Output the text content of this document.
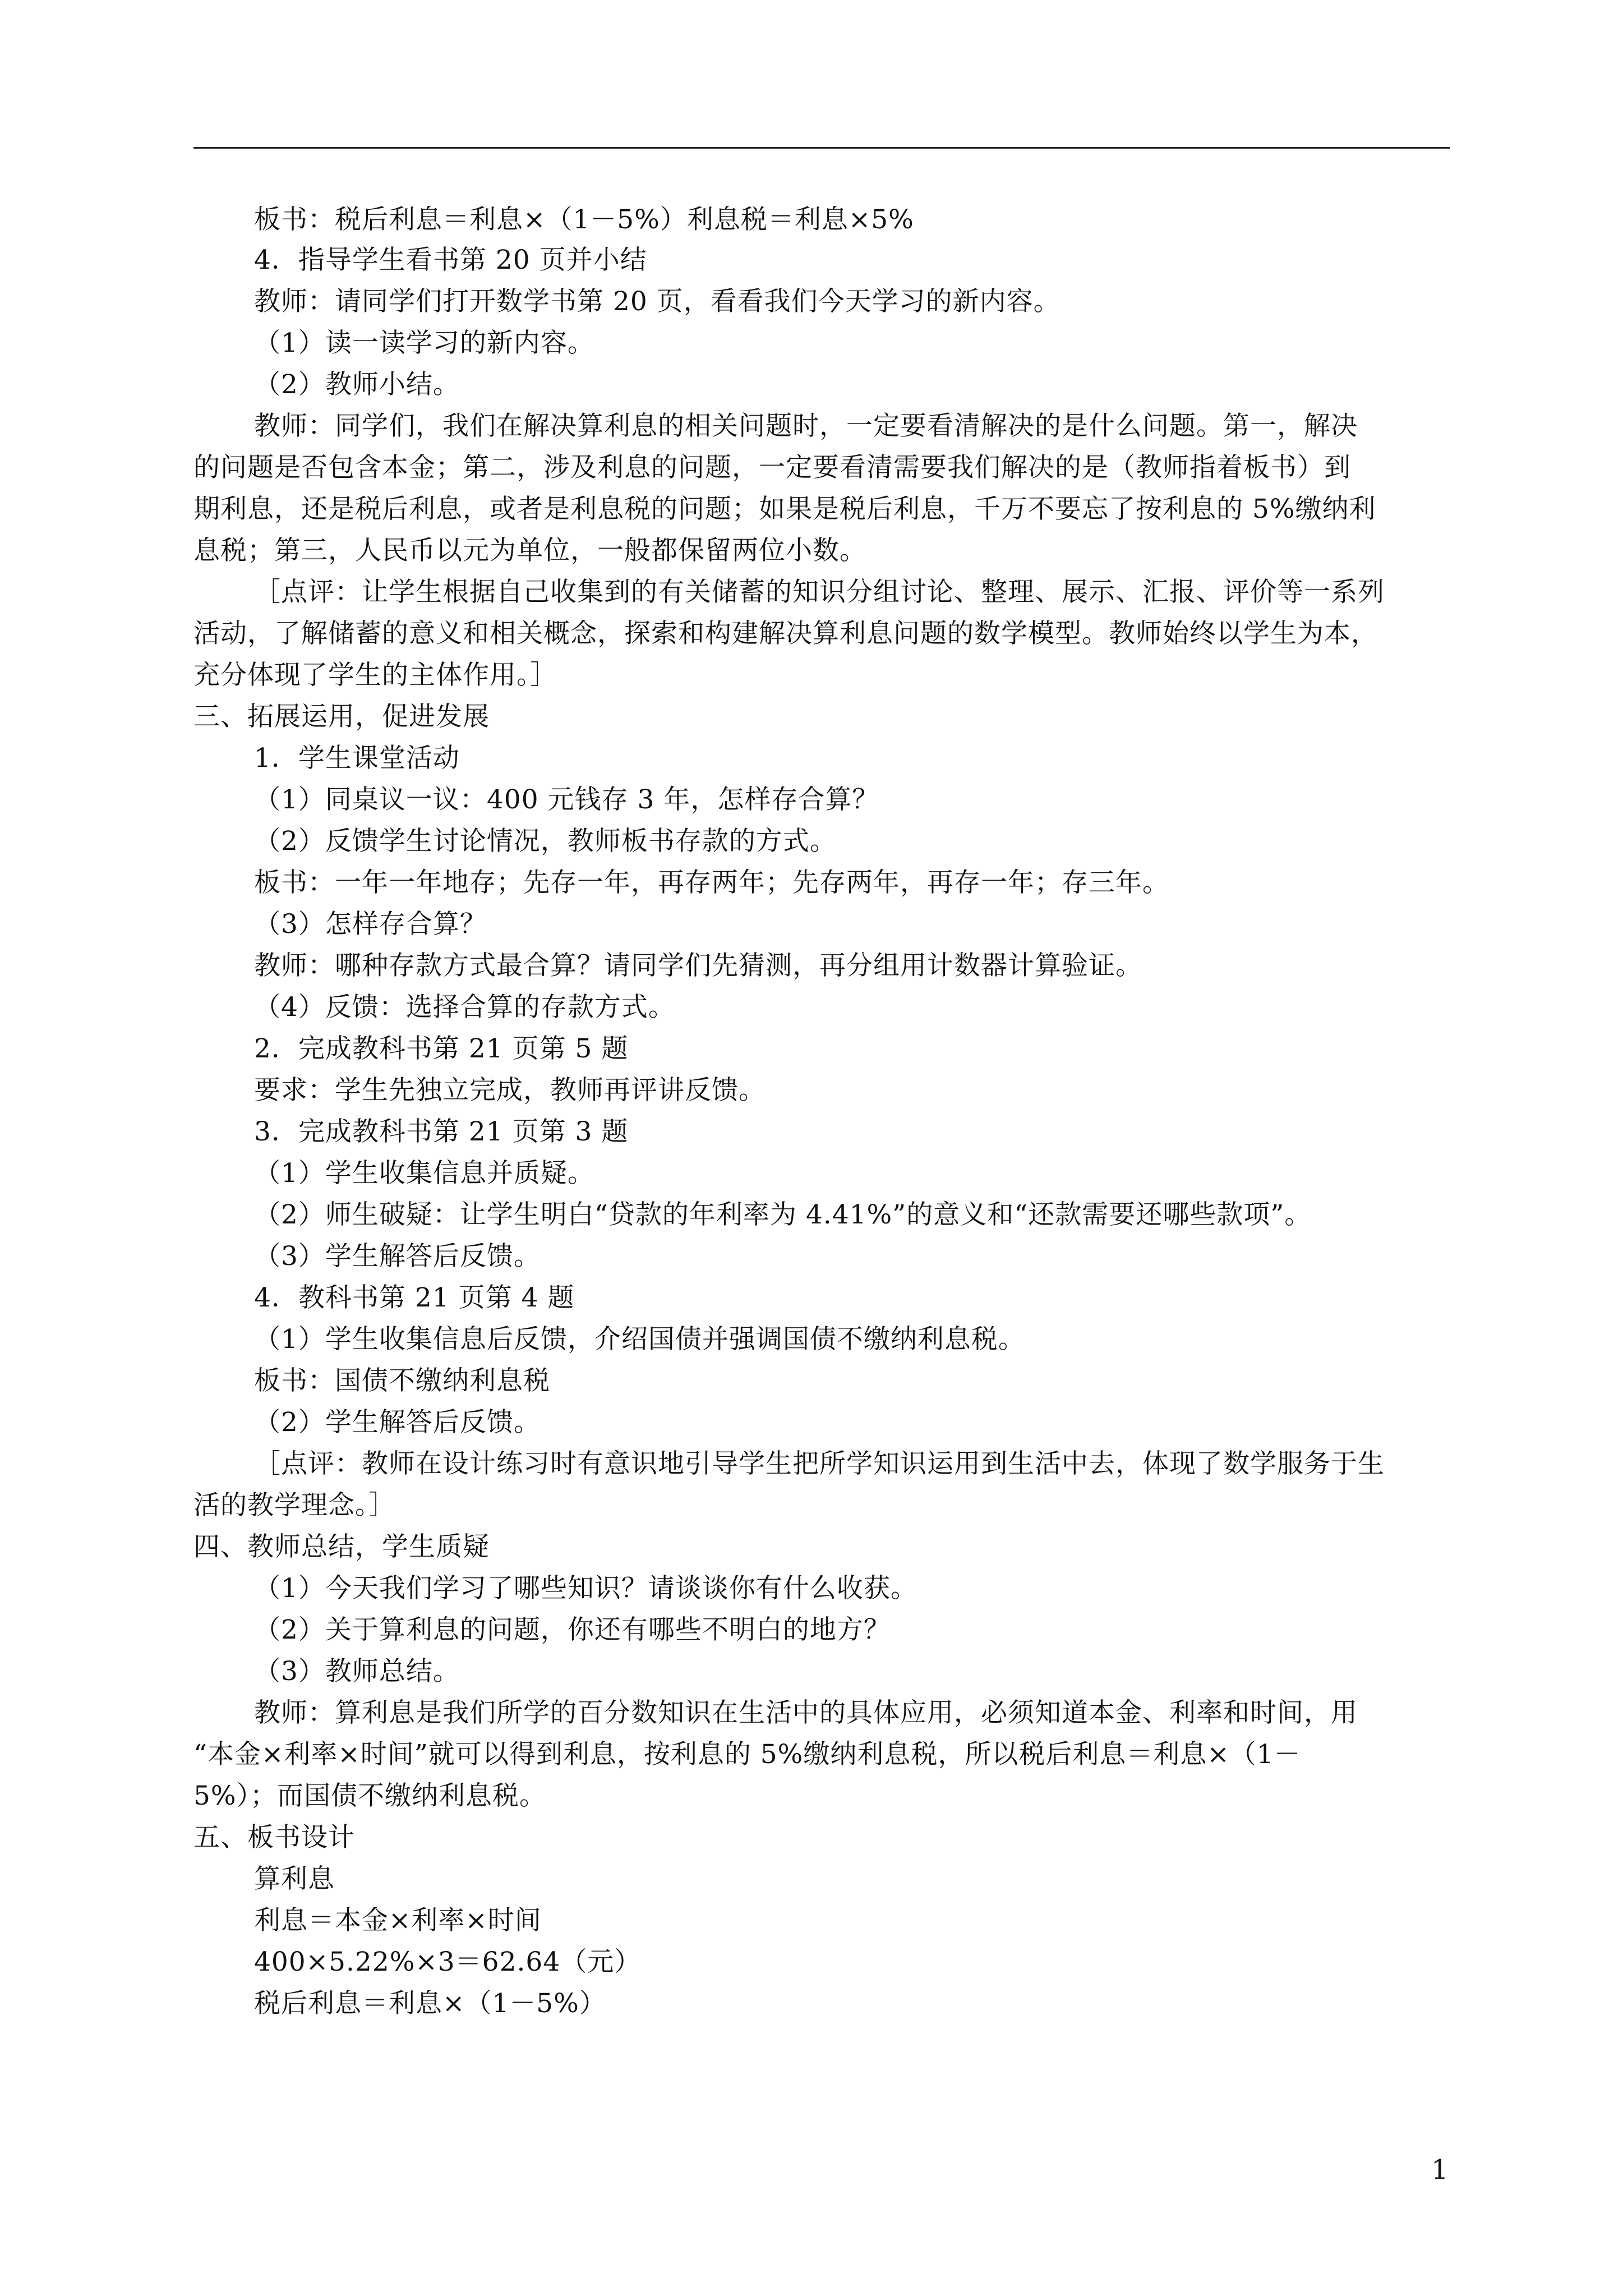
板书：税后利息＝利息×（1－5%）利息税＝利息×5%
4．指导学生看书第 20 页并小结
教师：请同学们打开数学书第 20 页，看看我们今天学习的新内容。
（1）读一读学习的新内容。
（2）教师小结。
教师：同学们，我们在解决算利息的相关问题时，一定要看清解决的是什么问题。第一，解决
的问题是否包含本金；第二，涉及利息的问题，一定要看清需要我们解决的是（教师指着板书）到
期利息，还是税后利息，或者是利息税的问题；如果是税后利息，千万不要忘了按利息的 5%缴纳利
息税；第三，人民币以元为单位，一般都保留两位小数。
［点评：让学生根据自己收集到的有关储蓄的知识分组讨论、整理、展示、汇报、评价等一系列
活动，了解储蓄的意义和相关概念，探索和构建解决算利息问题的数学模型。教师始终以学生为本，
充分体现了学生的主体作用。］
三、拓展运用，促进发展
1．学生课堂活动
（1）同桌议一议：400 元钱存 3 年，怎样存合算？
（2）反馈学生讨论情况，教师板书存款的方式。
板书：一年一年地存；先存一年，再存两年；先存两年，再存一年；存三年。
（3）怎样存合算？
教师：哪种存款方式最合算？请同学们先猜测，再分组用计数器计算验证。
（4）反馈：选择合算的存款方式。
2．完成教科书第 21 页第 5 题
要求：学生先独立完成，教师再评讲反馈。
3．完成教科书第 21 页第 3 题
（1）学生收集信息并质疑。
（2）师生破疑：让学生明白“贷款的年利率为 4.41%”的意义和“还款需要还哪些款项”。
（3）学生解答后反馈。
4．教科书第 21 页第 4 题
（1）学生收集信息后反馈，介绍国债并强调国债不缴纳利息税。
板书：国债不缴纳利息税
（2）学生解答后反馈。
［点评：教师在设计练习时有意识地引导学生把所学知识运用到生活中去，体现了数学服务于生
活的教学理念。］
四、教师总结，学生质疑
（1）今天我们学习了哪些知识？请谈谈你有什么收获。
（2）关于算利息的问题，你还有哪些不明白的地方？
（3）教师总结。
教师：算利息是我们所学的百分数知识在生活中的具体应用，必须知道本金、利率和时间，用
“本金×利率×时间”就可以得到利息，按利息的 5%缴纳利息税，所以税后利息＝利息×（1－
5%）；而国债不缴纳利息税。
五、板书设计
算利息
利息＝本金×利率×时间
400×5.22%×3＝62.64（元）
税后利息＝利息×（1－5%）
1
